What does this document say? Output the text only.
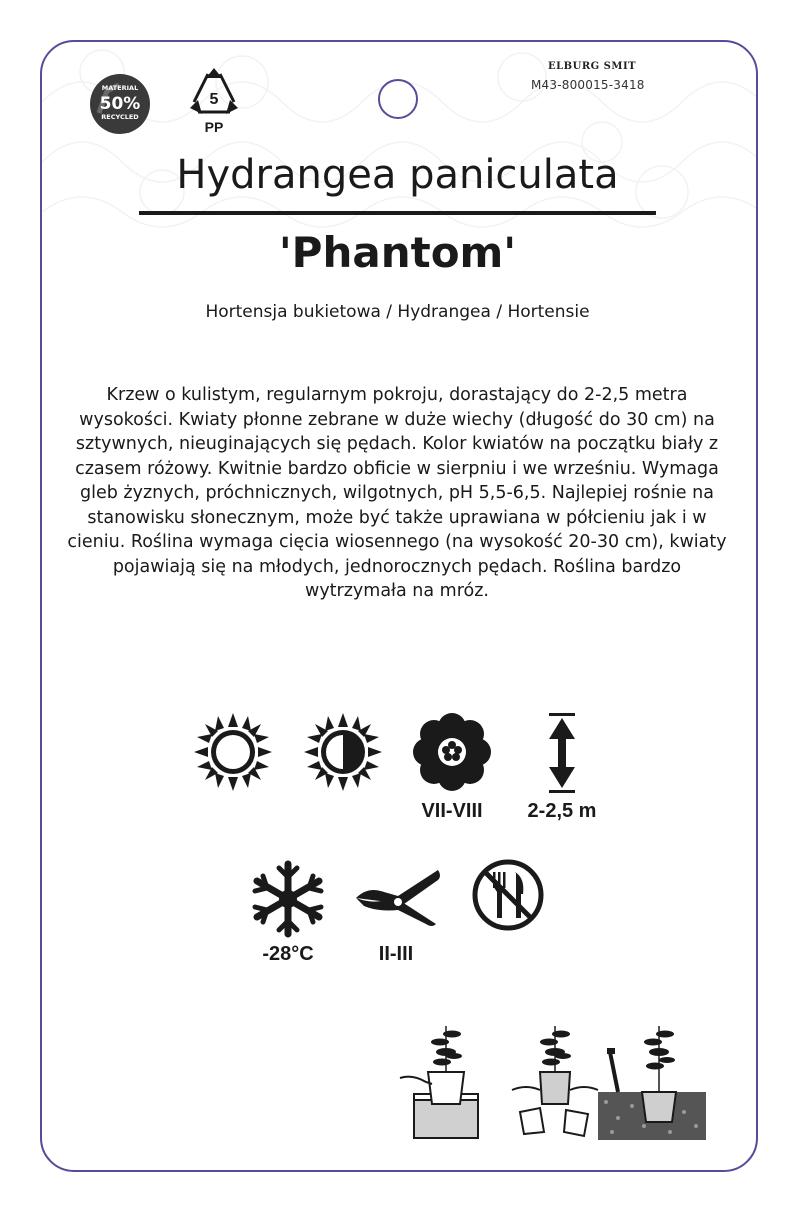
MATERIAL
50%
RECYCLED
5
PP
ELBURG SMIT
M43-800015-3418
Hydrangea paniculata
'Phantom'
Hortensja bukietowa / Hydrangea / Hortensie
Krzew o kulistym, regularnym pokroju, dorastający do 2-2,5 metra wysokości. Kwiaty płonne zebrane w duże wiechy (długość do 30 cm) na sztywnych, nieuginających się pędach. Kolor kwiatów na początku biały z czasem różowy. Kwitnie bardzo obficie w sierpniu i we wrześniu. Wymaga gleb żyznych, próchnicznych, wilgotnych, pH 5,5-6,5. Najlepiej rośnie na stanowisku słonecznym, może być także uprawiana w półcieniu jak i w cieniu. Roślina wymaga cięcia wiosennego (na wysokość 20-30 cm), kwiaty pojawiają się na młodych, jednorocznych pędach. Roślina bardzo wytrzymała na mróz.
VII-VIII	2-2,5 m
-28°C	II-III
